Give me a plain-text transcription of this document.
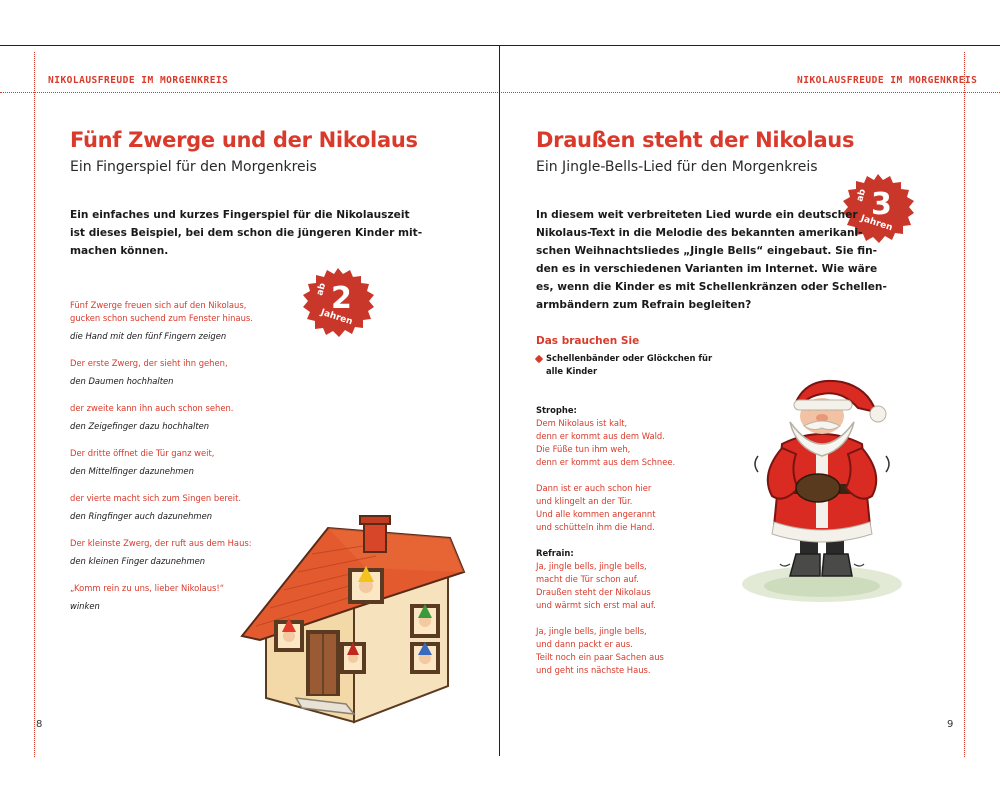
NIKOLAUSFREUDE IM MORGENKREIS	NIKOLAUSFREUDE IM MORGENKREIS
Fünf Zwerge und der Nikolaus
Ein Fingerspiel für den Morgenkreis
Ein einfaches und kurzes Fingerspiel für die Nikolauszeit
ist dieses Beispiel, bei dem schon die jüngeren Kinder mit-
machen können.
ab 2
Jahren
Fünf Zwerge freuen sich auf den Nikolaus,
gucken schon suchend zum Fenster hinaus.
die Hand mit den fünf Fingern zeigen
Der erste Zwerg, der sieht ihn gehen,
den Daumen hochhalten
der zweite kann ihn auch schon sehen.
den Zeigefinger dazu hochhalten
Der dritte öffnet die Tür ganz weit,
den Mittelfinger dazunehmen
der vierte macht sich zum Singen bereit.
den Ringfinger auch dazunehmen
Der kleinste Zwerg, der ruft aus dem Haus:
den kleinen Finger dazunehmen
„Komm rein zu uns, lieber Nikolaus!“
winken
8
Draußen steht der Nikolaus
Ein Jingle-Bells-Lied für den Morgenkreis
ab 3
Jahren
In diesem weit verbreiteten Lied wurde ein deutscher
Nikolaus-Text in die Melodie des bekannten amerikani-
schen Weihnachtsliedes „Jingle Bells“ eingebaut. Sie fin-
den es in verschiedenen Varianten im Internet. Wie wäre
es, wenn die Kinder es mit Schellenkränzen oder Schellen-
armbändern zum Refrain begleiten?
Das brauchen Sie
Schellenbänder oder Glöckchen für
alle Kinder
Strophe:
Dem Nikolaus ist kalt,
denn er kommt aus dem Wald.
Die Füße tun ihm weh,
denn er kommt aus dem Schnee.
Dann ist er auch schon hier
und klingelt an der Tür.
Und alle kommen angerannt
und schütteln ihm die Hand.
Refrain:
Ja, jingle bells, jingle bells,
macht die Tür schon auf.
Draußen steht der Nikolaus
und wärmt sich erst mal auf.
Ja, jingle bells, jingle bells,
und dann packt er aus.
Teilt noch ein paar Sachen aus
und geht ins nächste Haus.
9
